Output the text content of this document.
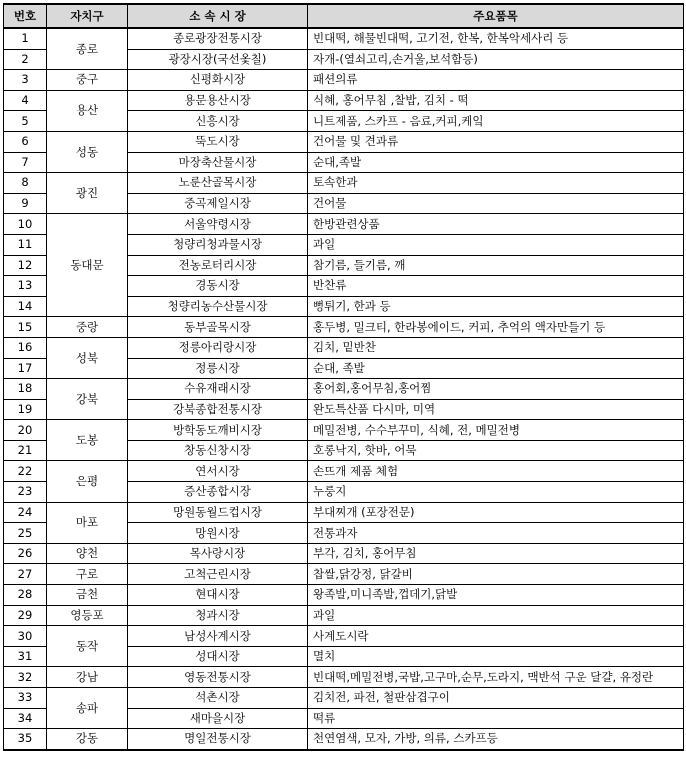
번호	자치구	소 속 시 장	주요품목
1	종로	종로광장전통시장	빈대떡, 해물빈대떡, 고기전, 한복, 한복악세사리 등
2		광장시장(국선옻칠)	자개-(열쇠고리,손거울,보석함등)
3	중구	신평화시장	패션의류
4	용산	용문용산시장	식혜, 홍어무침 ,찰밥, 김치 - 떡
5		신흥시장	니트제품, 스카프 - 음료,커피,케잌
6	성동	뚝도시장	건어물 및 견과류
7		마장축산물시장	순대,족발
8	광진	노룬산골목시장	토속한과
9		중곡제일시장	건어물
10	동대문	서울약령시장	한방관련상품
11		청량리청과물시장	과일
12		전농로터리시장	참기름, 들기름, 깨
13		경동시장	반찬류
14		청량리농수산물시장	뻥튀기, 한과 등
15	중랑	동부골목시장	홍두병, 밀크티, 한라봉에이드, 커피, 추억의 액자만들기 등
16	성북	정릉아리랑시장	김치, 밑반찬
17		정릉시장	순대, 족발
18	강북	수유재래시장	홍어회,홍어무침,홍어찜
19		강북종합전통시장	완도특산품 다시마, 미역
20	도봉	방학동도깨비시장	메밀전병, 수수부꾸미, 식혜, 전, 메밀전병
21		창동신창시장	호롱낙지, 핫바, 어묵
22	은평	연서시장	손뜨개 제품 체험
23		증산종합시장	누룽지
24	마포	망원동월드컵시장	부대찌개 (포장전문)
25		망원시장	전통과자
26	양천	목사랑시장	부각, 김치, 홍어무침
27	구로	고척근린시장	찹쌀,닭강정, 닭갈비
28	금천	현대시장	왕족발,미니족발,껍데기,닭발
29	영등포	청과시장	과일
30	동작	남성사계시장	사계도시락
31		성대시장	멸치
32	강남	영동전통시장	빈대떡,메밀전병,국밥,고구마,순무,도라지, 맥반석 구운 달걀, 유정란
33	송파	석촌시장	김치전, 파전, 철판삼겹구이
34		새마을시장	떡류
35	강동	명일전통시장	천연염색, 모자, 가방, 의류, 스카프등
